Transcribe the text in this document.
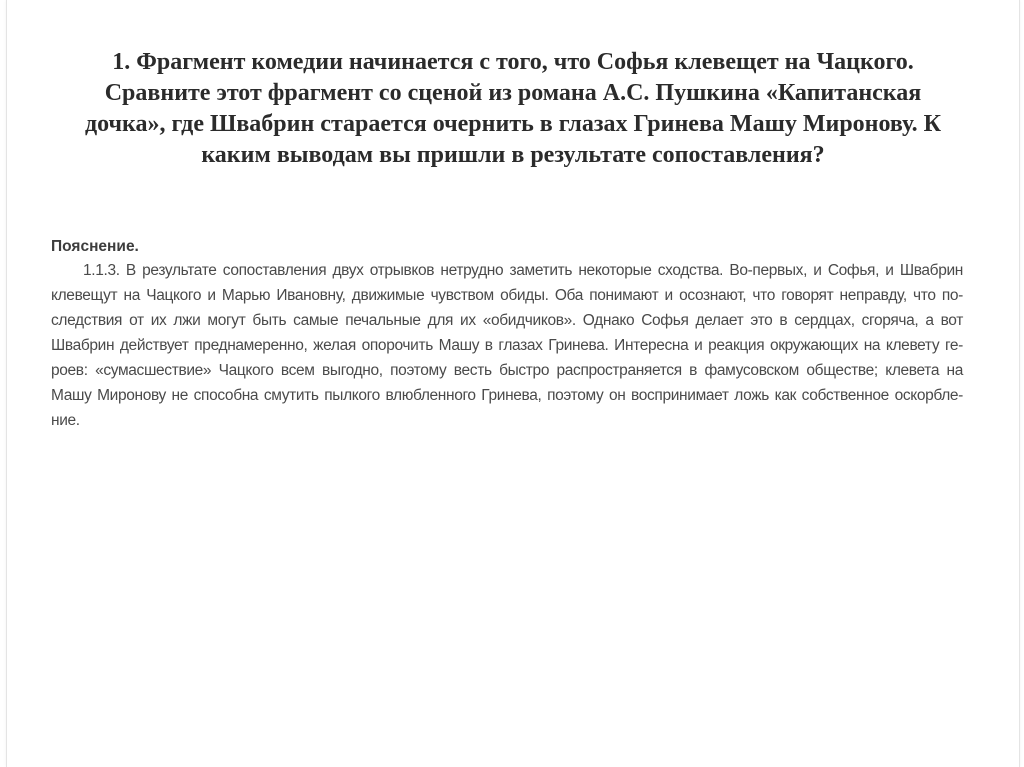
1. Фрагмент комедии начинается с того, что Софья клевещет на Чацкого.
Сравните этот фрагмент со сценой из романа А.С. Пушкина «Капитанская
дочка», где Швабрин старается очернить в глазах Гринева Машу Миронову. К
каким выводам вы пришли в результате сопоставления?
Пояснение.
1.1.3. В результате сопоставления двух отрывков нетрудно заметить некоторые сходства. Во-первых, и Софья, и Швабрин
клевещут на Чацкого и Марью Ивановну, движимые чувством обиды. Оба понимают и осознают, что говорят неправду, что по-
следствия от их лжи могут быть самые печальные для их «обидчиков». Однако Софья делает это в сердцах, сгоряча, а вот
Швабрин действует преднамеренно, желая опорочить Машу в глазах Гринева. Интересна и реакция окружающих на клевету ге-
роев: «сумасшествие» Чацкого всем выгодно, поэтому весть быстро распространяется в фамусовском обществе; клевета на
Машу Миронову не способна смутить пылкого влюбленного Гринева, поэтому он воспринимает ложь как собственное оскорбле-
ние.
